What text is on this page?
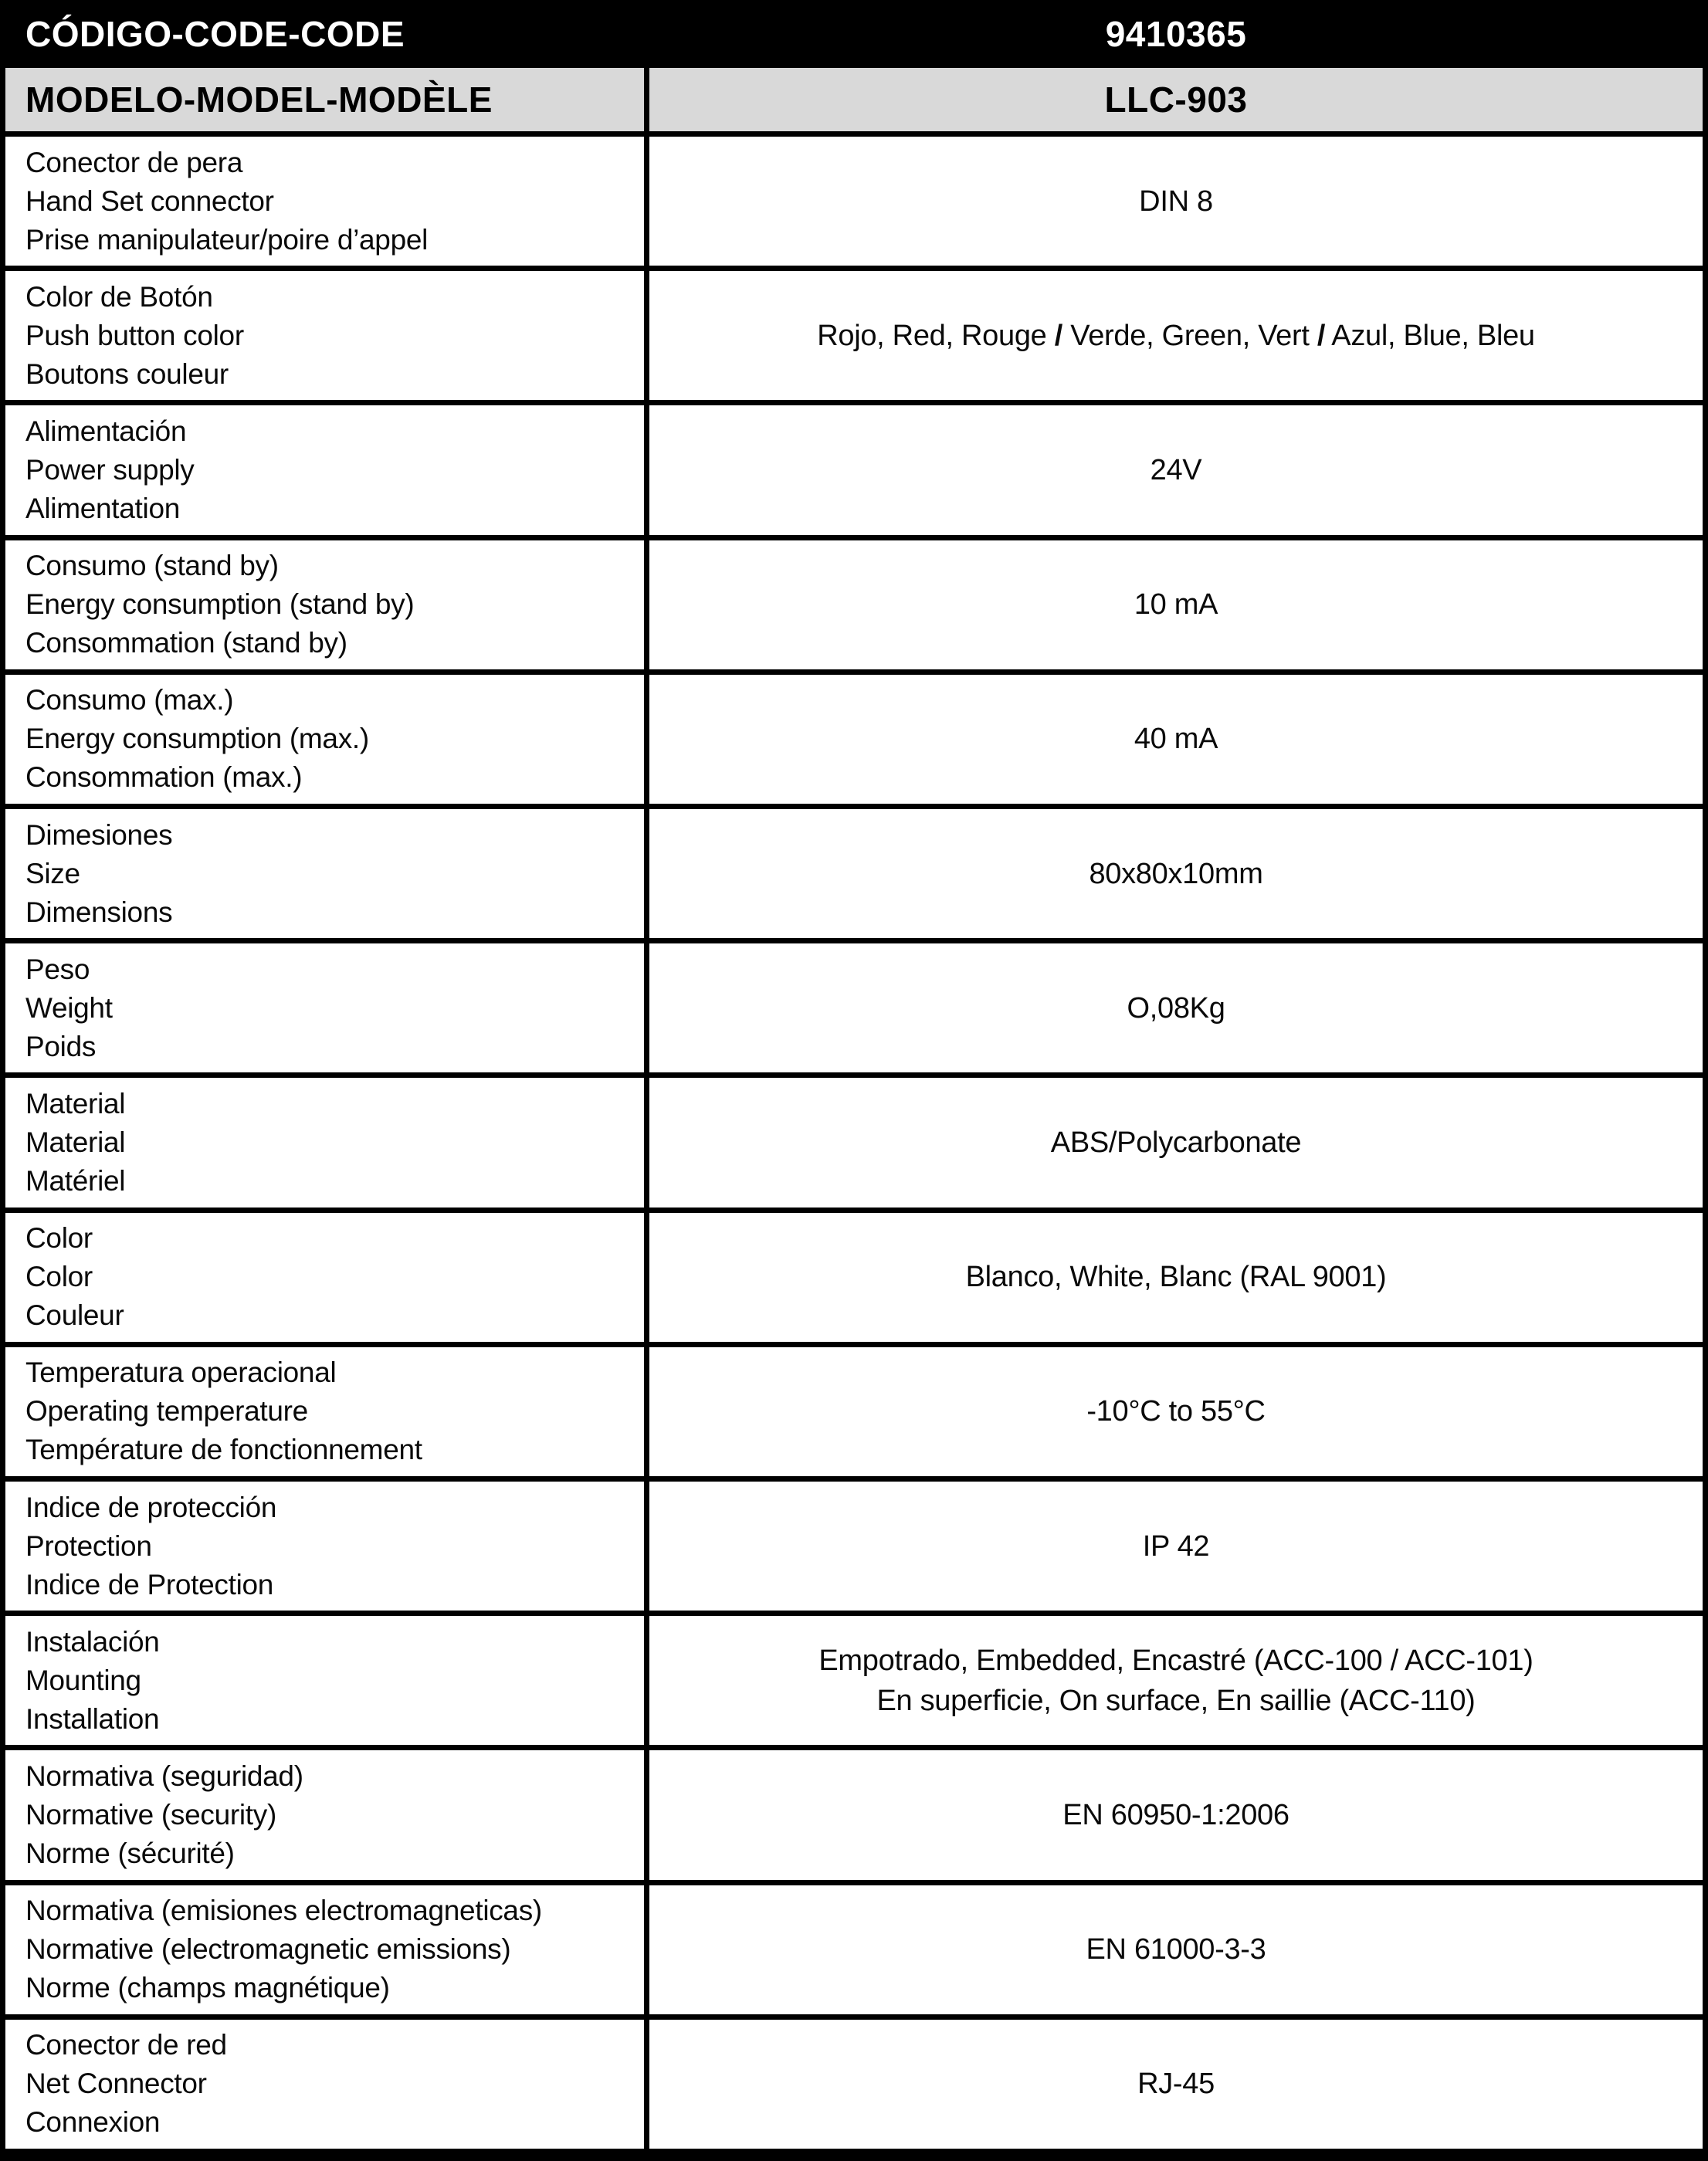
CÓDIGO-CODE-CODE	9410365
MODELO-MODEL-MODÈLE	LLC-903
Conector de pera
Hand Set connector
Prise manipulateur/poire d’appel
DIN 8
Color de Botón
Push button color
Boutons couleur
Rojo, Red, Rouge / Verde, Green, Vert / Azul, Blue, Bleu
Alimentación
Power supply
Alimentation
24V
Consumo (stand by)
Energy consumption (stand by)
Consommation (stand by)
10 mA
Consumo (max.)
Energy consumption (max.)
Consommation (max.)
40 mA
Dimesiones
Size
Dimensions
80x80x10mm
Peso
Weight
Poids
O,08Kg
Material
Material
Matériel
ABS/Polycarbonate
Color
Color
Couleur
Blanco, White, Blanc (RAL 9001)
Temperatura operacional
Operating temperature
Température de fonctionnement
-10°C to 55°C
Indice de protección
Protection
Indice de Protection
IP 42
Instalación
Mounting
Installation
Empotrado, Embedded, Encastré (ACC-100 / ACC-101)
En superficie, On surface, En saillie (ACC-110)
Normativa (seguridad)
Normative (security)
Norme (sécurité)
EN 60950-1:2006
Normativa (emisiones electromagneticas)
Normative (electromagnetic emissions)
Norme (champs magnétique)
EN 61000-3-3
Conector de red
Net Connector
Connexion
RJ-45
